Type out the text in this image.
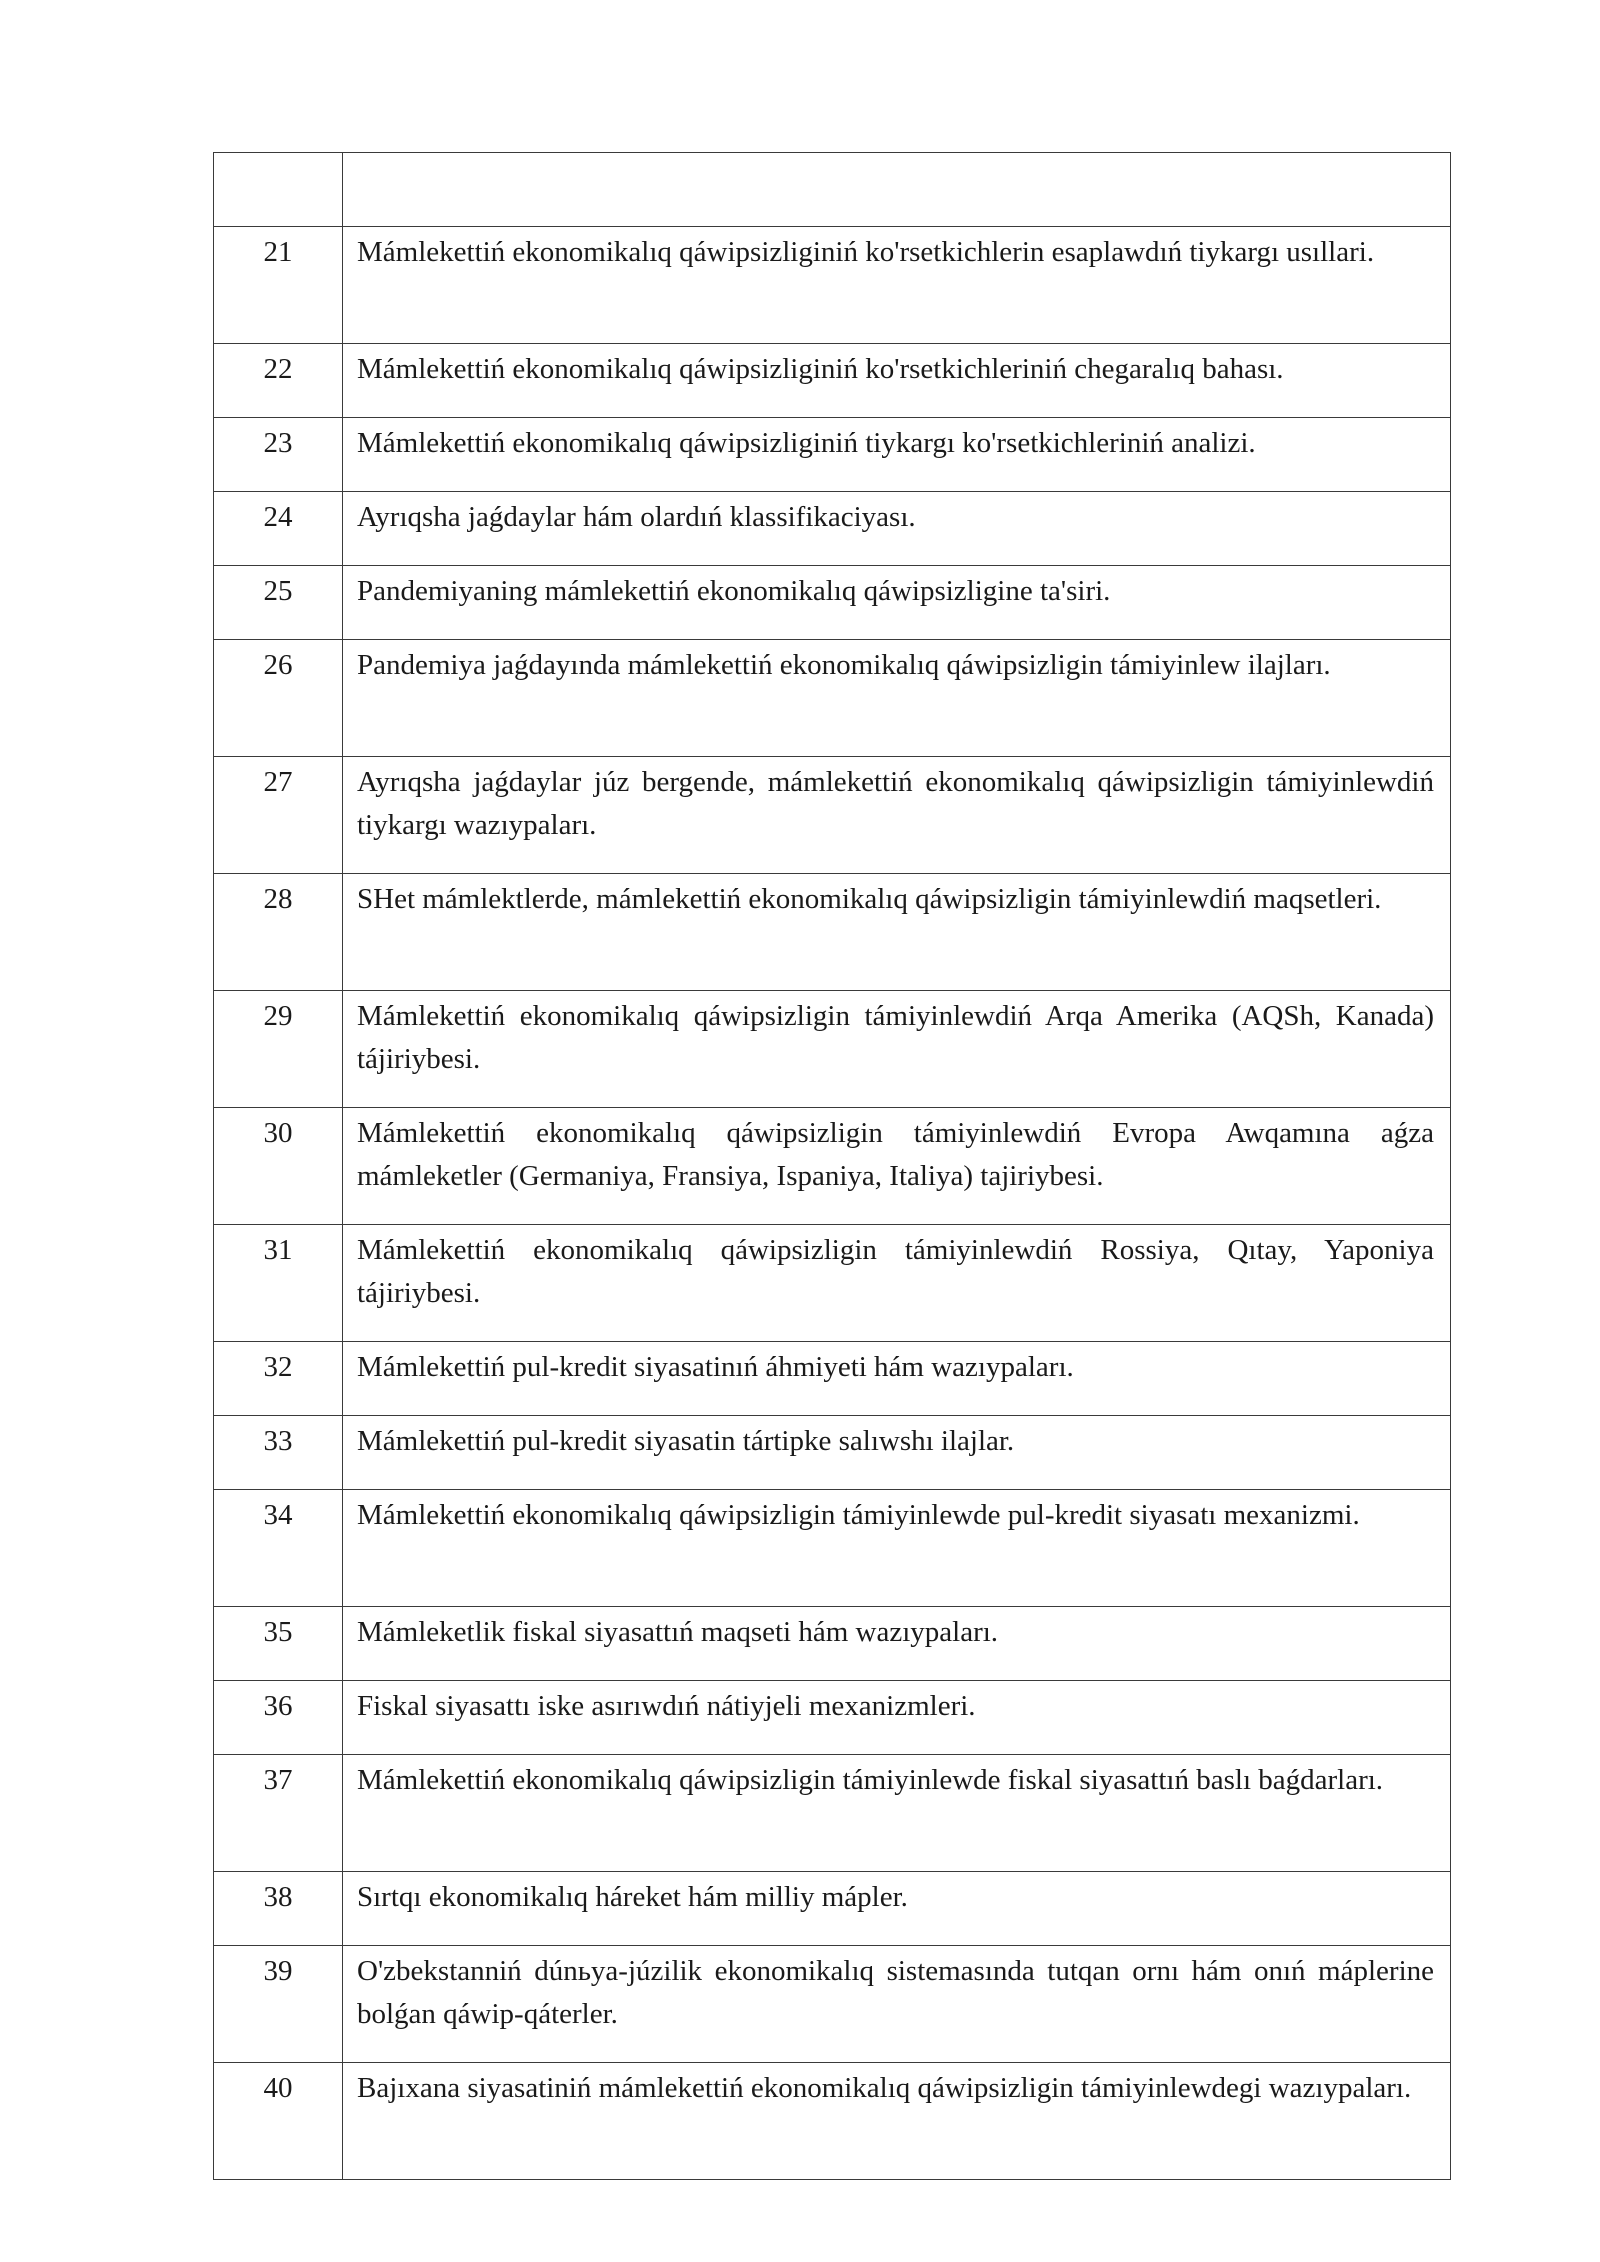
21	Mámlekettiń ekonomikalıq qáwipsizliginiń ko'rsetkichlerin esaplawdıń tiykargı usıllari.
22	Mámlekettiń ekonomikalıq qáwipsizliginiń ko'rsetkichleriniń chegaralıq bahası.
23	Mámlekettiń ekonomikalıq qáwipsizliginiń tiykargı ko'rsetkichleriniń analizi.
24	Ayrıqsha jaǵdaylar hám olardıń klassifikaciyası.
25	Pandemiyaning mámlekettiń ekonomikalıq qáwipsizligine ta'siri.
26	Pandemiya jaǵdayında mámlekettiń ekonomikalıq qáwipsizligin támiyinlew ilajları.
27	Ayrıqsha jaǵdaylar júz bergende, mámlekettiń ekonomikalıq qáwipsizligin támiyinlewdiń tiykargı wazıypaları.
28	SHet mámlektlerde, mámlekettiń ekonomikalıq qáwipsizligin támiyinlewdiń maqsetleri.
29	Mámlekettiń ekonomikalıq qáwipsizligin támiyinlewdiń Arqa Amerika (AQSh, Kanada) tájiriybesi.
30	Mámlekettiń ekonomikalıq qáwipsizligin támiyinlewdiń Evropa Awqamına aǵza mámleketler (Germaniya, Fransiya, Ispaniya, Italiya) tajiriybesi.
31	Mámlekettiń ekonomikalıq qáwipsizligin támiyinlewdiń Rossiya, Qıtay, Yaponiya tájiriybesi.
32	Mámlekettiń pul-kredit siyasatinıń áhmiyeti hám wazıypaları.
33	Mámlekettiń pul-kredit siyasatin tártipke salıwshı ilajlar.
34	Mámlekettiń ekonomikalıq qáwipsizligin támiyinlewde pul-kredit siyasatı mexanizmi.
35	Mámleketlik fiskal siyasattıń maqseti hám wazıypaları.
36	Fiskal siyasattı iske asırıwdıń nátiyjeli mexanizmleri.
37	Mámlekettiń ekonomikalıq qáwipsizligin támiyinlewde fiskal siyasattıń baslı baǵdarları.
38	Sırtqı ekonomikalıq háreket hám milliy mápler.
39	O'zbekstanniń dúnьya-júzilik ekonomikalıq sistemasında tutqan ornı hám onıń máplerine bolǵan qáwip-qáterler.
40	Bajıxana siyasatiniń mámlekettiń ekonomikalıq qáwipsizligin támiyinlewdegi wazıypaları.
